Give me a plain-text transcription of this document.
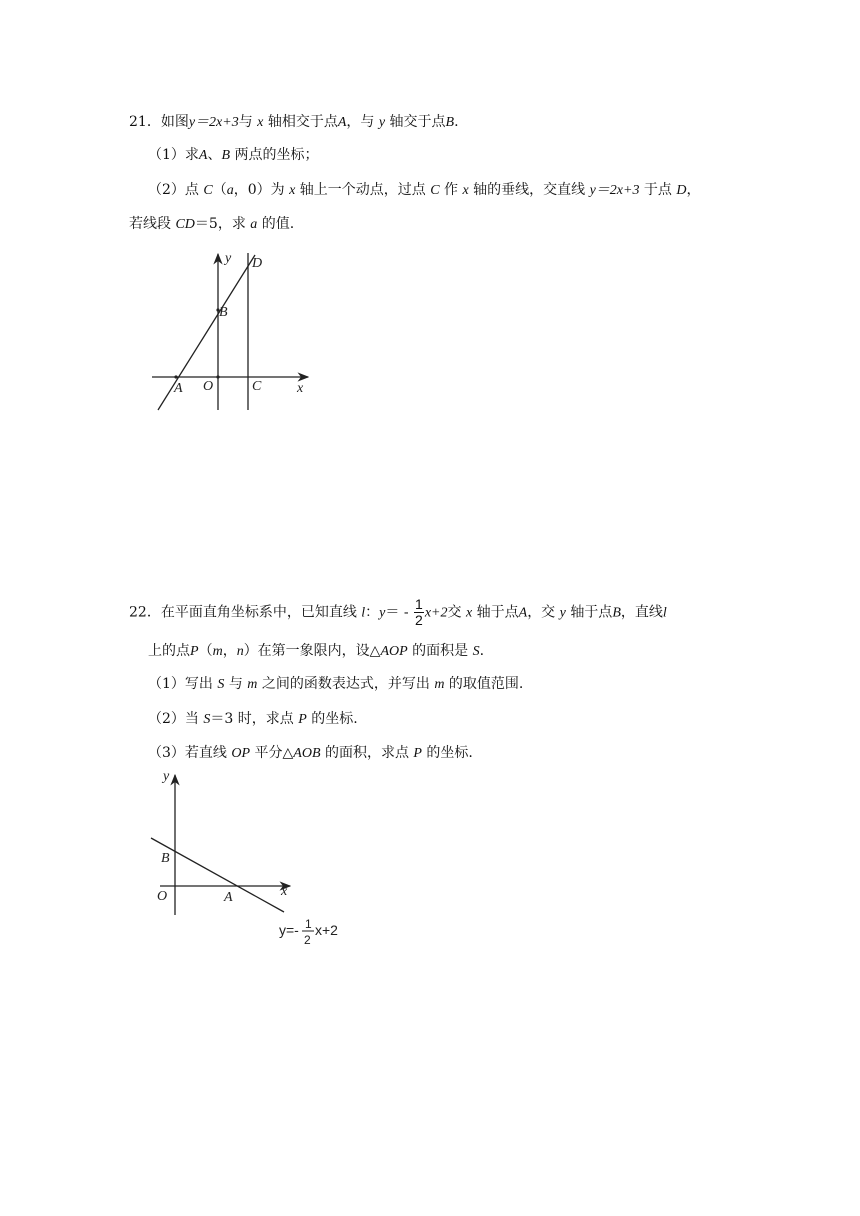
21．如图y＝2x+3与 x 轴相交于点A，与 y 轴交于点B.
（1）求A、B 两点的坐标；
（2）点 C（a，0）为 x 轴上一个动点，过点 C 作 x 轴的垂线，交直线 y＝2x+3 于点 D，
若线段 CD＝5，求 a 的值.
y D
B
A O	C	x
22．在平面直角坐标系中，已知直线 l：$y= - \frac{1}{2} x+2$交 x 轴于点A，交 y 轴于点B，直线l
上的点P（m，n）在第一象限内，设△AOP 的面积是 S.
（1）写出 S 与 m 之间的函数表达式，并写出 m 的取值范围.
（2）当 S＝3 时，求点 P 的坐标.
（3）若直线 OP 平分△AOB 的面积，求点 P 的坐标.
y
B
O	A	x
y=- 1
2
x+2
